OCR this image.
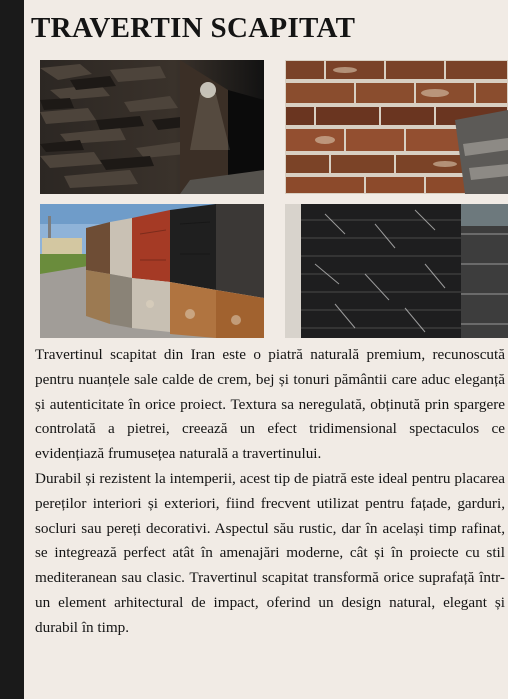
TRAVERTIN SCAPITAT

Travertinul scapitat din Iran este o piatră naturală premium, recunoscută pentru nuanțele sale calde de crem, bej și tonuri pământii care aduc eleganță și autenticitate în orice proiect. Textura sa neregulată, obținută prin spargere controlată a pietrei, creează un efect tridimensional spectaculos ce evidențiază frumusețea naturală a travertinului.

Durabil și rezistent la intemperii, acest tip de piatră este ideal pentru placarea pereților interiori și exteriori, fiind frecvent utilizat pentru fațade, garduri, socluri sau pereți decorativi. Aspectul său rustic, dar în același timp rafinat, se integrează perfect atât în amenajări moderne, cât și în proiecte cu stil mediteranean sau clasic. Travertinul scapitat transformă orice suprafață într-un element arhitectural de impact, oferind un design natural, elegant și durabil în timp.
